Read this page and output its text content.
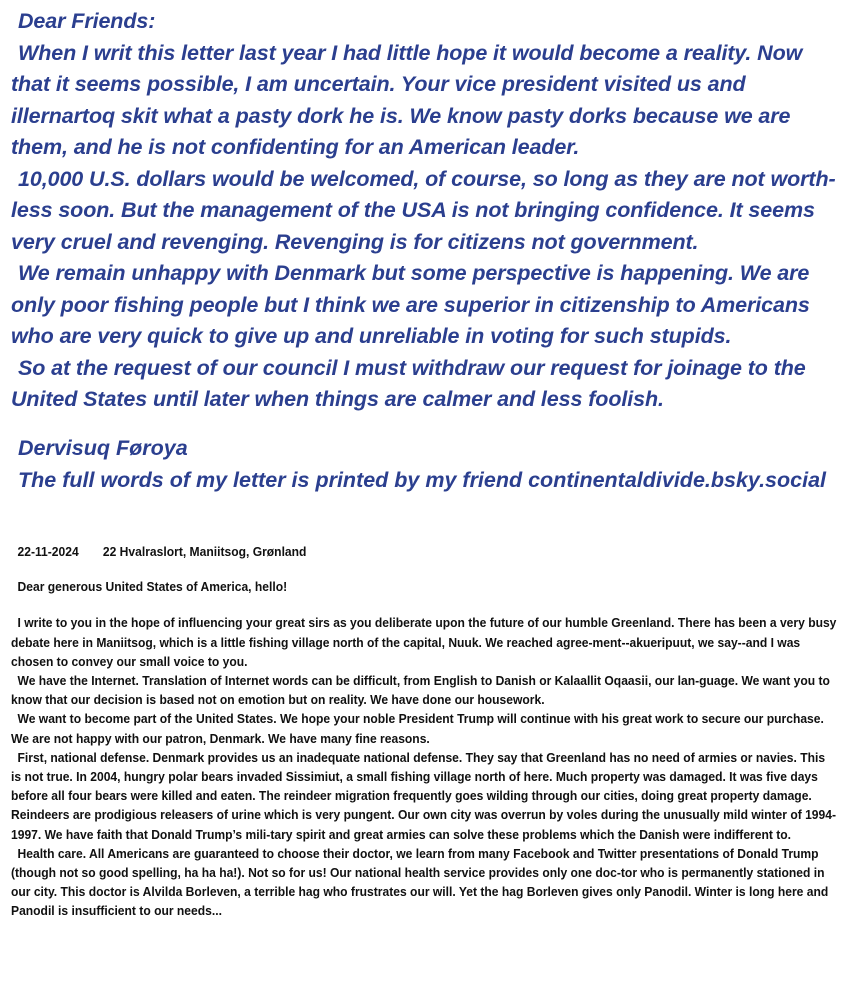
Dear Friends:

When I writ this letter last year I had little hope it would become a reality. Now that it seems possible, I am uncertain. Your vice president visited us and illernartoq skit what a pasty dork he is. We know pasty dorks because we are them, and he is not confidenting for an American leader.

10,000 U.S. dollars would be welcomed, of course, so long as they are not worth-less soon. But the management of the USA is not bringing confidence. It seems very cruel and revenging. Revenging is for citizens not government.

We remain unhappy with Denmark but some perspective is happening. We are only poor fishing people but I think we are superior in citizenship to Americans who are very quick to give up and unreliable in voting for such stupids.

So at the request of our council I must withdraw our request for joinage to the United States until later when things are calmer and less foolish.

Dervisuq Føroya
The full words of my letter is printed by my friend continentaldivide.bsky.social
22-11-2024 22 Hvalraslort, Maniitsog, Grønland
Dear generous United States of America, hello!

I write to you in the hope of influencing your great sirs as you deliberate upon the future of our humble Greenland. There has been a very busy debate here in Maniitsog, which is a little fishing village north of the capital, Nuuk. We reached agree-ment--akueripuut, we say--and I was chosen to convey our small voice to you.

We have the Internet. Translation of Internet words can be difficult, from English to Danish or Kalaallit Oqaasii, our lan-guage. We want you to know that our decision is based not on emotion but on reality. We have done our housework.

We want to become part of the United States. We hope your noble President Trump will continue with his great work to secure our purchase. We are not happy with our patron, Denmark. We have many fine reasons.

First, national defense. Denmark provides us an inadequate national defense. They say that Greenland has no need of armies or navies. This is not true. In 2004, hungry polar bears invaded Sissimiut, a small fishing village north of here. Much property was damaged. It was five days before all four bears were killed and eaten. The reindeer migration frequently goes wilding through our cities, doing great property damage. Reindeers are prodigious releasers of urine which is very pungent. Our own city was overrun by voles during the unusually mild winter of 1994-1997. We have faith that Donald Trump’s mili-tary spirit and great armies can solve these problems which the Danish were indifferent to.

Health care. All Americans are guaranteed to choose their doctor, we learn from many Facebook and Twitter presentations of Donald Trump (though not so good spelling, ha ha ha!). Not so for us! Our national health service provides only one doc-tor who is permanently stationed in our city. This doctor is Alvilda Borleven, a terrible hag who frustrates our will. Yet the hag Borleven gives only Panodil. Winter is long here and Panodil is insufficient to our needs...
